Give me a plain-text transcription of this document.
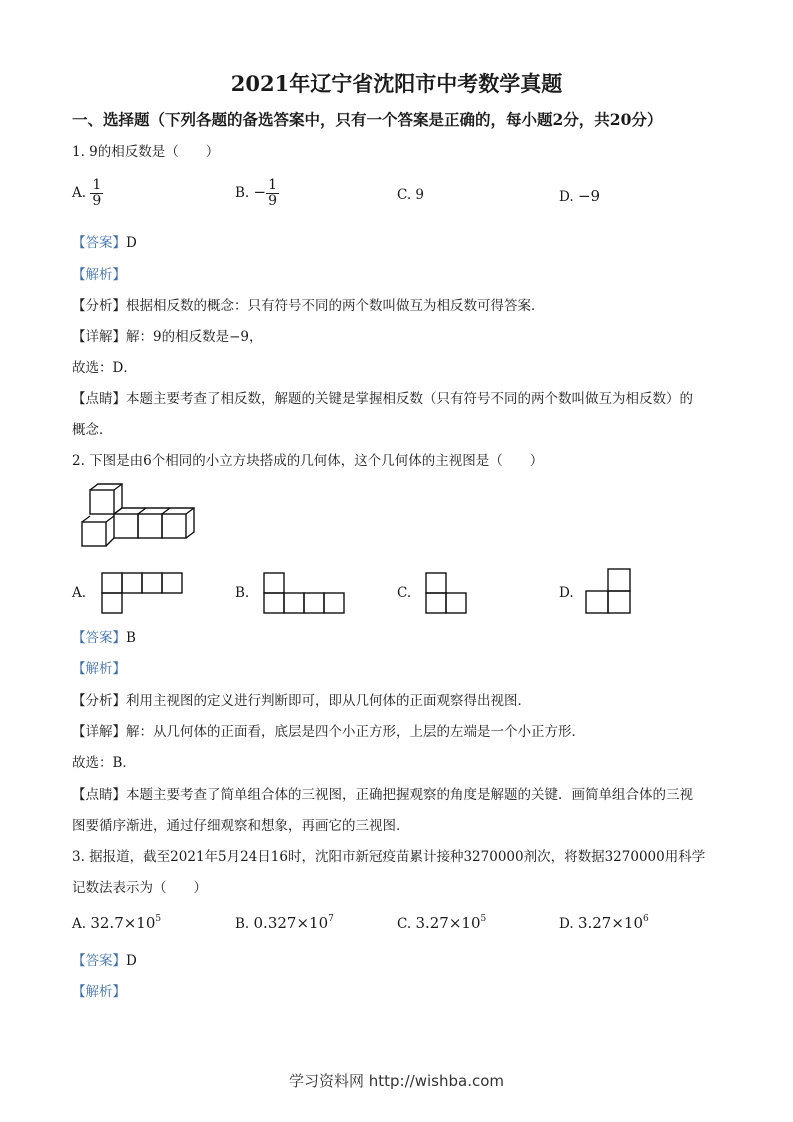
2021年辽宁省沈阳市中考数学真题
一、选择题（下列各题的备选答案中，只有一个答案是正确的，每小题2分，共20分）
1. 9的相反数是（　　）
A. $\frac{1}{9}$	B. − $\frac{1}{9}$	C. 9	D. −9
【答案】D
【解析】
【分析】根据相反数的概念：只有符号不同的两个数叫做互为相反数可得答案．
【详解】解：9的相反数是−9，
故选：D．
【点睛】本题主要考查了相反数，解题的关键是掌握相反数（只有符号不同的两个数叫做互为相反数）的
概念．
2. 下图是由6个相同的小立方块搭成的几何体，这个几何体的主视图是（　　）
A.	B.	C.	D.
【答案】B
【解析】
【分析】利用主视图的定义进行判断即可，即从几何体的正面观察得出视图．
【详解】解：从几何体的正面看，底层是四个小正方形，上层的左端是一个小正方形．
故选：B．
【点睛】本题主要考查了简单组合体的三视图，正确把握观察的角度是解题的关键．画简单组合体的三视
图要循序渐进，通过仔细观察和想象，再画它的三视图．
3. 据报道，截至2021年5月24日16时，沈阳市新冠疫苗累计接种3270000剂次，将数据3270000用科学
记数法表示为（　　）
A. $32.7\times 10^5$	B. $0.327\times 10^7$	C. $3.27\times 10^5$	D. $3.27\times 10^6$
【答案】D
【解析】
学习资料网 http://wishba.com
